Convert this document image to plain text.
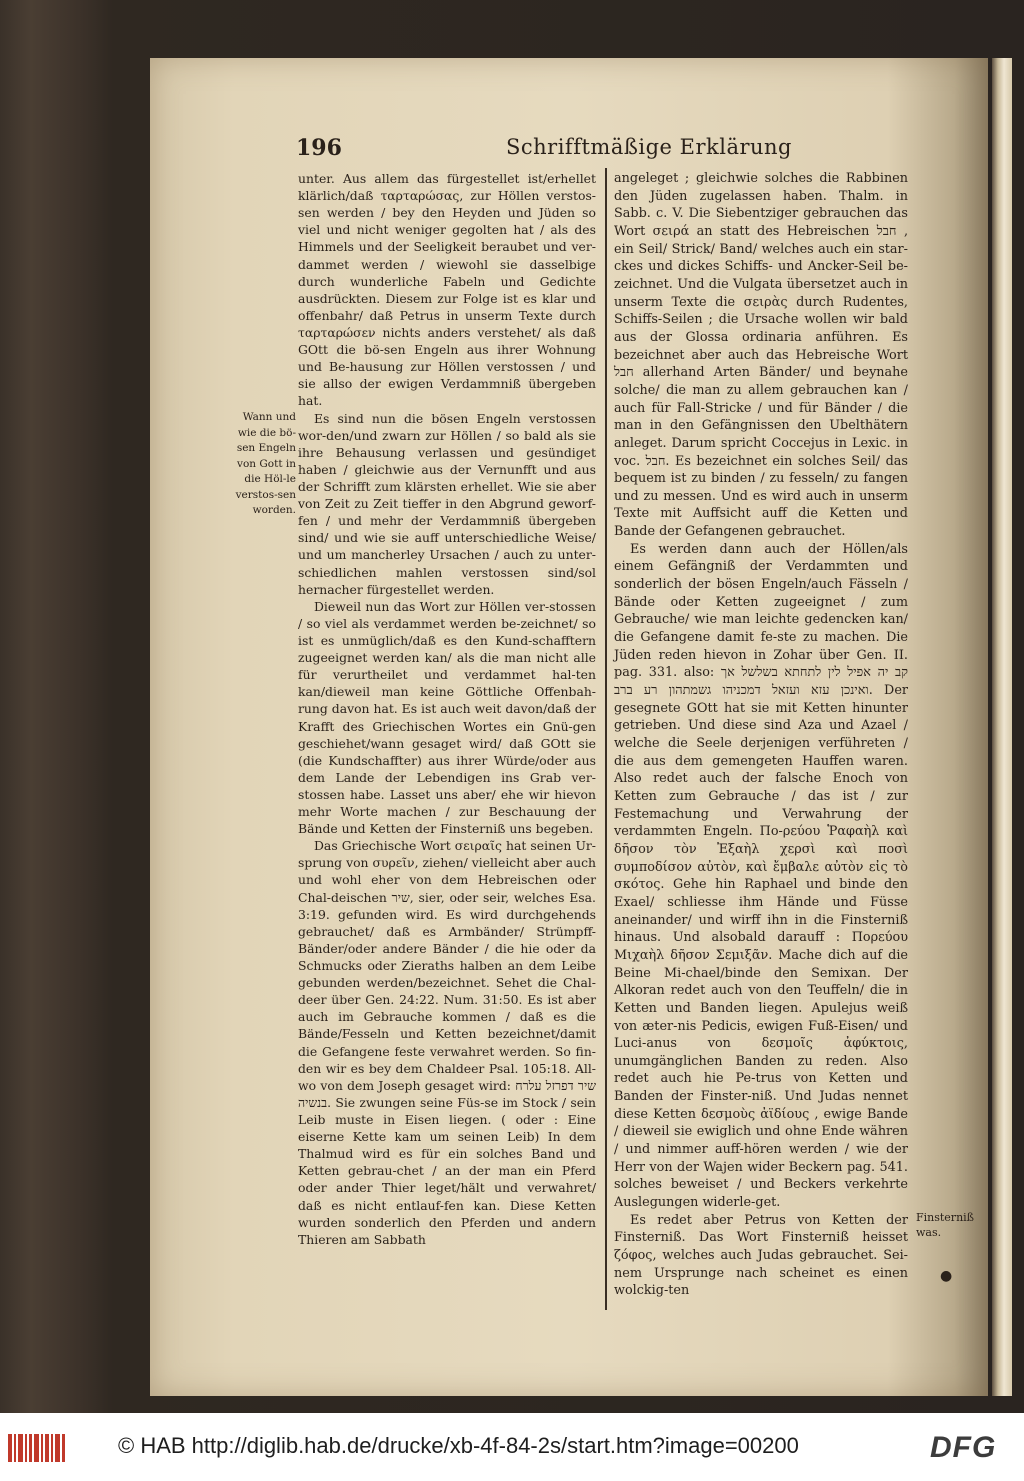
196	Schrifftmäßige Erklärung
Wann und wie die bö-sen Engeln von Gott in die Höl-le verstos-sen worden.

unter. Aus allem das fürgestellet ist/erhellet klärlich/daß ταρταρώσας, zur Höllen verstos-sen werden / bey den Heyden und Jüden so viel und nicht weniger gegolten hat / als des Himmels und der Seeligkeit beraubet und ver-dammet werden / wiewohl sie dasselbige durch wunderliche Fabeln und Gedichte ausdrückten. Diesem zur Folge ist es klar und offenbahr/ daß Petrus in unserm Texte durch ταρταρώσεν nichts anders verstehet/ als daß GOtt die bö-sen Engeln aus ihrer Wohnung und Be-hausung zur Höllen verstossen / und sie allso der ewigen Verdammniß übergeben hat.

Es sind nun die bösen Engeln verstossen wor-den/und zwarn zur Höllen / so bald als sie ihre Behausung verlassen und gesündiget haben / gleichwie aus der Vernunfft und aus der Schrifft zum klärsten erhellet. Wie sie aber von Zeit zu Zeit tieffer in den Abgrund geworf-fen / und mehr der Verdammniß übergeben sind/ und wie sie auff unterschiedliche Weise/ und um mancherley Ursachen / auch zu unter-schiedlichen mahlen verstossen sind/sol hernacher fürgestellet werden.

Dieweil nun das Wort zur Höllen ver-stossen / so viel als verdammet werden be-zeichnet/ so ist es unmüglich/daß es den Kund-schafftern zugeeignet werden kan/ als die man nicht alle für verurtheilet und verdammet hal-ten kan/dieweil man keine Göttliche Offenbah-rung davon hat. Es ist auch weit davon/daß der Krafft des Griechischen Wortes ein Gnü-gen geschiehet/wann gesaget wird/ daß GOtt sie (die Kundschaffter) aus ihrer Würde/oder aus dem Lande der Lebendigen ins Grab ver-stossen habe. Lasset uns aber/ ehe wir hievon mehr Worte machen / zur Beschauung der Bände und Ketten der Finsterniß uns begeben.

Das Griechische Wort σειραῖς hat seinen Ur-sprung von συρεῖν, ziehen/ vielleicht aber auch und wohl eher von dem Hebreischen oder Chal-deischen שיר, sier, oder seir, welches Esa. 3:19. gefunden wird. Es wird durchgehends gebrauchet/ daß es Armbänder/ Strümpff-Bänder/oder andere Bänder / die hie oder da Schmucks oder Zieraths halben an dem Leibe gebunden werden/bezeichnet. Sehet die Chal-deer über Gen. 24:22. Num. 31:50. Es ist aber auch im Gebrauche kommen / daß es die Bände/Fesseln und Ketten bezeichnet/damit die Gefangene feste verwahret werden. So fin-den wir es bey dem Chaldeer Psal. 105:18. All-wo von dem Joseph gesaget wird: שיר דפרזל עלרח בנשיה. Sie zwungen seine Füs-se im Stock / sein Leib muste in Eisen liegen. ( oder : Eine eiserne Kette kam um seinen Leib) In dem Thalmud wird es für ein solches Band und Ketten gebrau-chet / an der man ein Pferd oder ander Thier leget/hält und verwahret/ daß es nicht entlauf-fen kan. Diese Ketten wurden sonderlich den Pferden und andern Thieren am Sabbath

angeleget ; gleichwie solches die Rabbinen den Jüden zugelassen haben. Thalm. in Sabb. c. V. Die Siebentziger gebrauchen das Wort σειρά an statt des Hebreischen חבל , ein Seil/ Strick/ Band/ welches auch ein star-ckes und dickes Schiffs- und Ancker-Seil be-zeichnet. Und die Vulgata übersetzet auch in unserm Texte die σειρὰς durch Rudentes, Schiffs-Seilen ; die Ursache wollen wir bald aus der Glossa ordinaria anführen. Es bezeichnet aber auch das Hebreische Wort חבל allerhand Arten Bänder/ und beynahe solche/ die man zu allem gebrauchen kan / auch für Fall-Stricke / und für Bänder / die man in den Gefängnissen den Ubelthätern anleget. Darum spricht Coccejus in Lexic. in voc. חבל. Es bezeichnet ein solches Seil/ das bequem ist zu binden / zu fesseln/ zu fangen und zu messen. Und es wird auch in unserm Texte mit Auffsicht auff die Ketten und Bande der Gefangenen gebrauchet.

Es werden dann auch der Höllen/als einem Gefängniß der Verdammten und sonderlich der bösen Engeln/auch Fässeln / Bände oder Ketten zugeeignet / zum Gebrauche/ wie man leichte gedencken kan/ die Gefangene damit fe-ste zu machen. Die Jüden reden hievon in Zohar über Gen. II. pag. 331. also: קב יה אפיל לין לתחתא בשלשל אך ואינכן עזא ועזאל דמכניהו גשמתהון רע ברב. Der gesegnete GOtt hat sie mit Ketten hinunter getrieben. Und diese sind Aza und Azael / welche die Seele derjenigen verführeten / die aus dem gemengeten Hauffen waren. Also redet auch der falsche Enoch von Ketten zum Gebrauche / das ist / zur Festemachung und Verwahrung der verdammten Engeln. Πο-ρεύου Ῥαφαὴλ καὶ δῆσον τὸν Ἐξαὴλ χερσὶ καὶ ποσὶ συμποδίσον αὐτὸν, καὶ ἔμβαλε αὐτὸν εἰς τὸ σκότος. Gehe hin Raphael und binde den Exael/ schliesse ihm Hände und Füsse aneinander/ und wirff ihn in die Finsterniß hinaus. Und alsobald darauff : Πορεύου Μιχαὴλ δῆσον Σεμιξᾶν. Mache dich auf die Beine Mi-chael/binde den Semixan. Der Alkoran redet auch von den Teuffeln/ die in Ketten und Banden liegen. Apulejus weiß von æter-nis Pedicis, ewigen Fuß-Eisen/ und Luci-anus von δεσμοῖς ἀφύκτοις, unumgänglichen Banden zu reden. Also redet auch hie Pe-trus von Ketten und Banden der Finster-niß. Und Judas nennet diese Ketten δεσμοὺς ἀϊδίους , ewige Bande / dieweil sie ewiglich und ohne Ende währen / und nimmer auff-hören werden / wie der Herr von der Wajen wider Beckern pag. 541. solches beweiset / und Beckers verkehrte Auslegungen widerle-get.

Es redet aber Petrus von Ketten der Finsterniß. Das Wort Finsterniß heisset ζόφος, welches auch Judas gebrauchet. Sei-nem Ursprunge nach scheinet es einen wolckig-ten

Finsterniß was.
●
© HAB http://diglib.hab.de/drucke/xb-4f-84-2s/start.htm?image=00200	DFG
